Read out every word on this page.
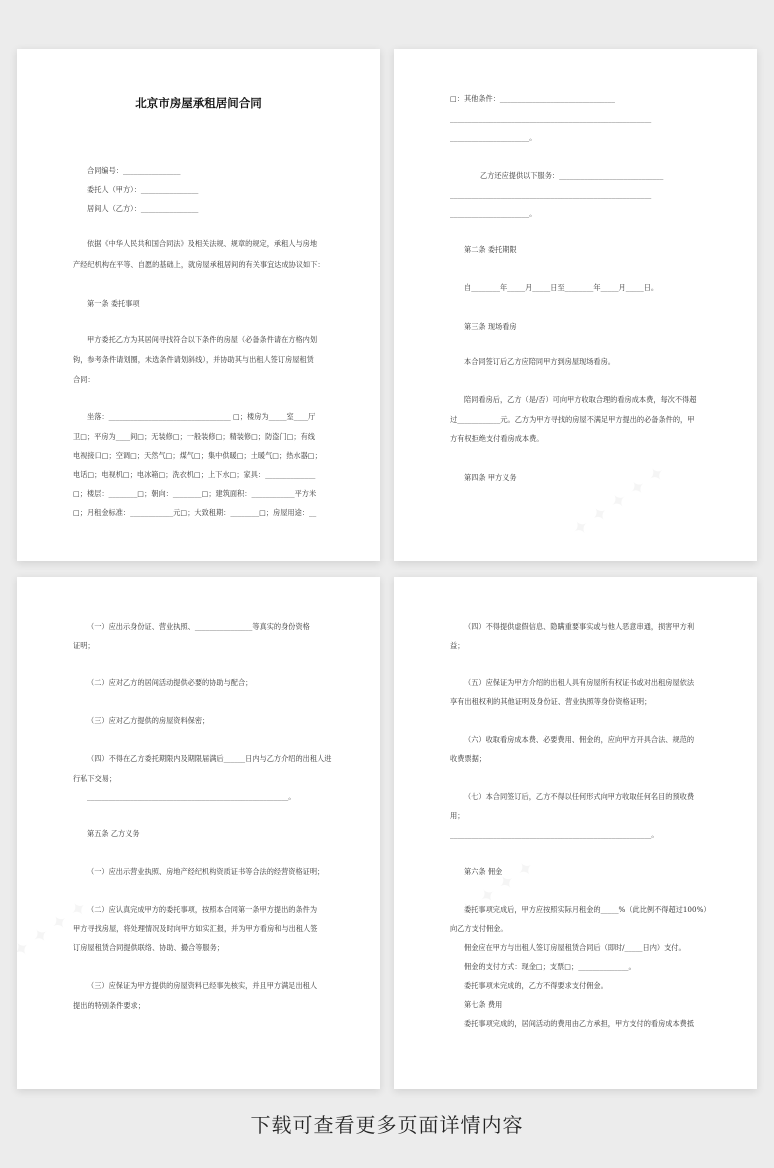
北京市房屋承租居间合同
合同编号：________________
委托人（甲方）：________________
居间人（乙方）：________________
依据《中华人民共和国合同法》及相关法规、规章的规定，承租人与房地
产经纪机构在平等、自愿的基础上，就房屋承租居间的有关事宜达成协议如下：
第一条 委托事项
甲方委托乙方为其居间寻找符合以下条件的房屋（必备条件请在方格内划
钩，参考条件请划圈，未选条件请划斜线），并协助其与出租人签订房屋租赁
合同：
坐落：__________________________________ □；楼房为_____室____厅
卫□；平房为____间□；无装修□；一般装修□；精装修□；防盗门□；有线
电视接口□；空调□；天然气□；煤气□；集中供暖□；土暖气□；热水器□；
电话□；电视机□；电冰箱□；洗衣机□；上下水□；家具：______________
□；楼层：________□；朝向：________□；建筑面积：____________平方米
□；月租金标准：____________元□；大致租期：________□；房屋用途：__
□：其他条件：________________________________
________________________________________________________
______________________。
乙方还应提供以下服务：_____________________________
________________________________________________________
______________________。
第二条 委托期限
自________年_____月_____日至________年_____月_____日。
第三条 现场看房
本合同签订后乙方应陪同甲方到房屋现场看房。
陪同看房后，乙方（是/否）可向甲方收取合理的看房成本费，每次不得超
过____________元。乙方为甲方寻找的房屋不满足甲方提出的必备条件的，甲
方有权拒绝支付看房成本费。
第四条 甲方义务
（一）应出示身份证、营业执照、________________等真实的身份资格
证明；
（二）应对乙方的居间活动提供必要的协助与配合；
（三）应对乙方提供的房屋资料保密；
（四）不得在乙方委托期限内及期限届满后______日内与乙方介绍的出租人进
行私下交易；
________________________________________________________。
第五条 乙方义务
（一）应出示营业执照、房地产经纪机构资质证书等合法的经营资格证明；
（二）应认真完成甲方的委托事项，按照本合同第一条甲方提出的条件为
甲方寻找房屋，将处理情况及时向甲方如实汇报，并为甲方看房和与出租人签
订房屋租赁合同提供联络、协助、撮合等服务；
（三）应保证为甲方提供的房屋资料已经事先核实，并且甲方满足出租人
提出的特别条件要求；
（四）不得提供虚假信息、隐瞒重要事实或与他人恶意串通，损害甲方利
益；
（五）应保证为甲方介绍的出租人具有房屋所有权证书或对出租房屋依法
享有出租权利的其他证明及身份证、营业执照等身份资格证明；
（六）收取看房成本费、必要费用、佣金的，应向甲方开具合法、规范的
收费票据；
（七）本合同签订后，乙方不得以任何形式向甲方收取任何名目的预收费
用；
________________________________________________________。
第六条 佣金
委托事项完成后，甲方应按照实际月租金的_____%（此比例不得超过100%）
向乙方支付佣金。
佣金应在甲方与出租人签订房屋租赁合同后（即时/_____日内）支付。
佣金的支付方式：现金□；支票□；______________。
委托事项未完成的，乙方不得要求支付佣金。
第七条 费用
委托事项完成的，居间活动的费用由乙方承担，甲方支付的看房成本费抵
下载可查看更多页面详情内容
